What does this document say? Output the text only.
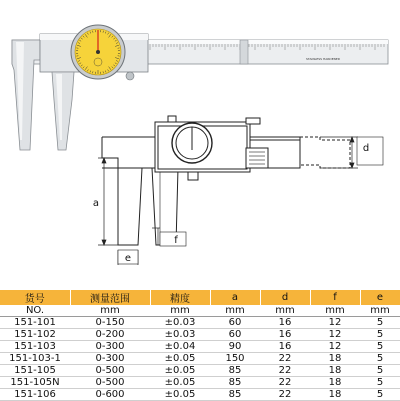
STAINLESS HARDENED
a
d
f
e
货号	测量范围	精度	a	d	f	e
NO.	mm	mm	mm	mm	mm	mm
151-101	0-150	±0.03	60	16	12	5
151-102	0-200	±0.03	60	16	12	5
151-103	0-300	±0.04	90	16	12	5
151-103-1	0-300	±0.05	150	22	18	5
151-105	0-500	±0.05	85	22	18	5
151-105N	0-500	±0.05	85	22	18	5
151-106	0-600	±0.05	85	22	18	5
